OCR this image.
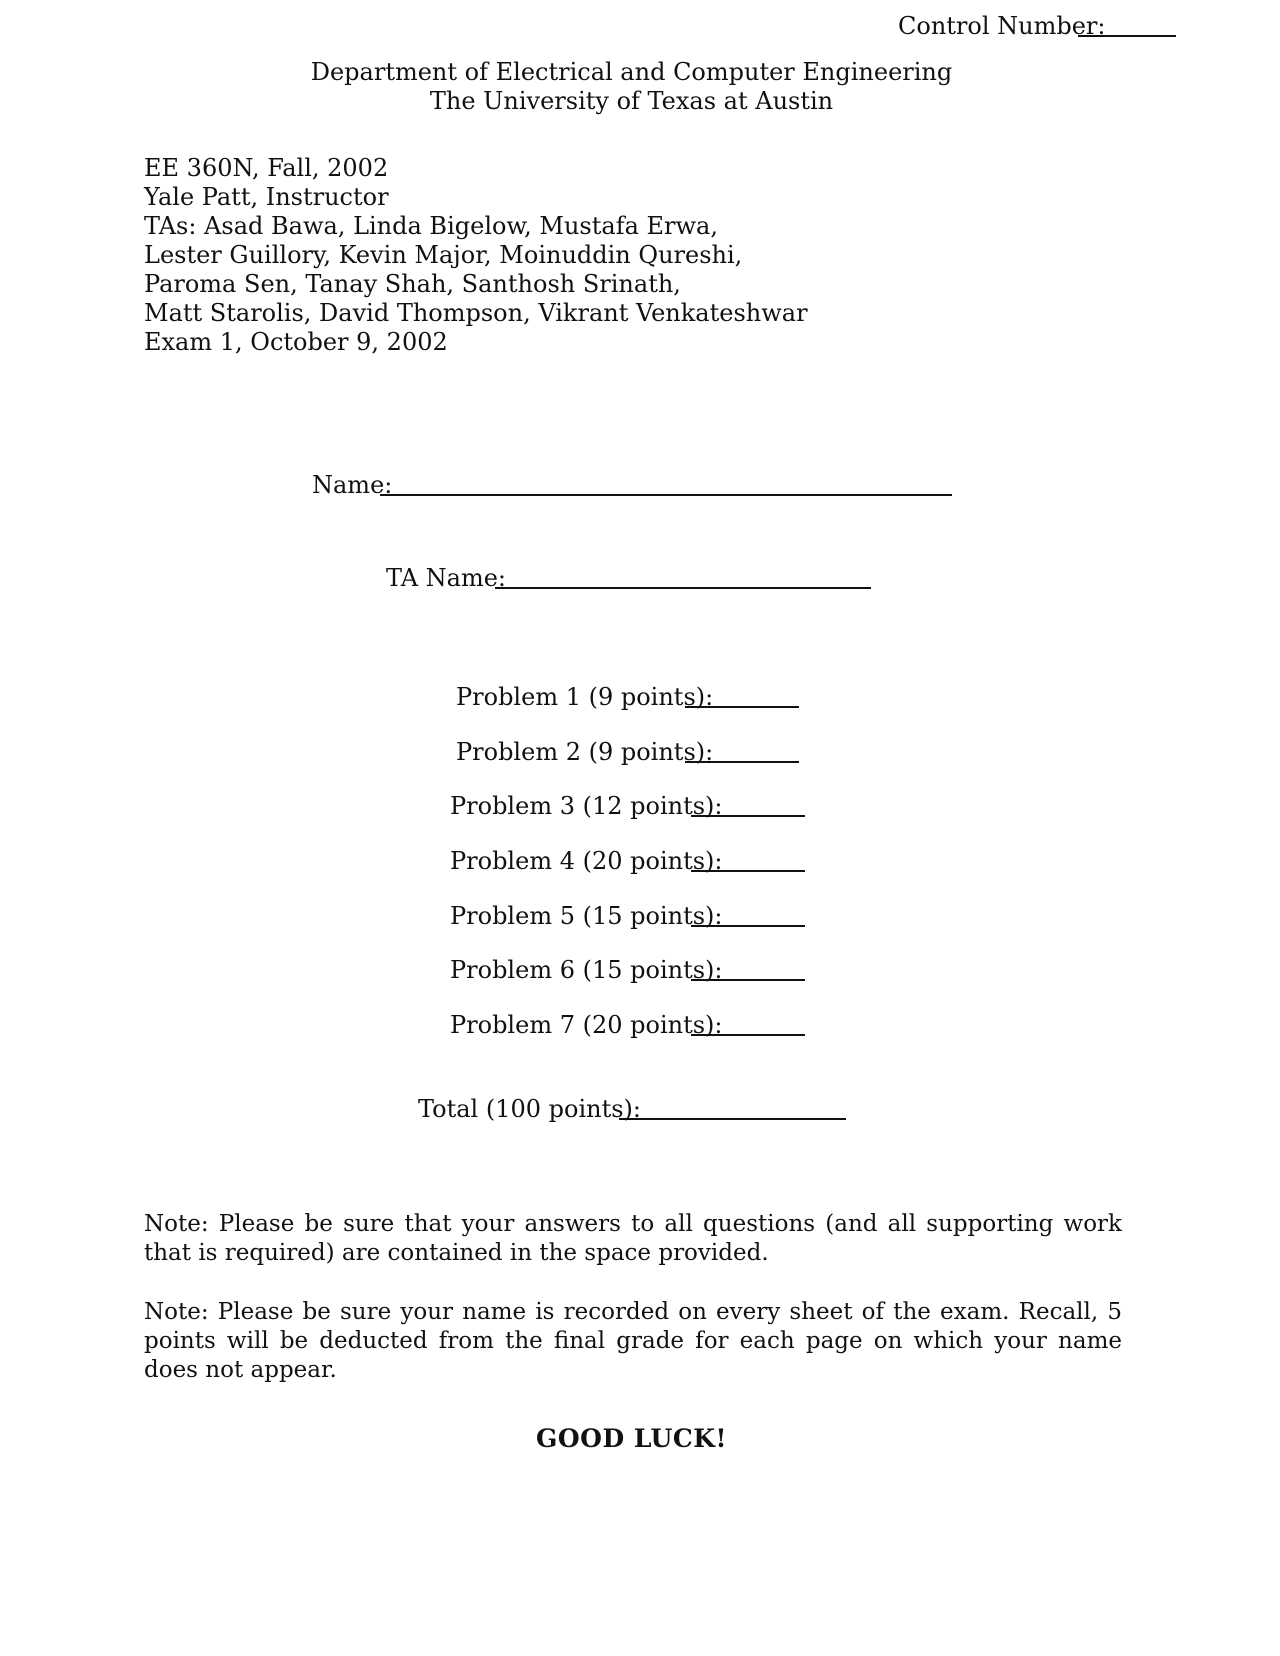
Control Number:
Department of Electrical and Computer Engineering
The University of Texas at Austin
EE 360N, Fall, 2002
Yale Patt, Instructor
TAs: Asad Bawa, Linda Bigelow, Mustafa Erwa,
Lester Guillory, Kevin Major, Moinuddin Qureshi,
Paroma Sen, Tanay Shah, Santhosh Srinath,
Matt Starolis, David Thompson, Vikrant Venkateshwar
Exam 1, October 9, 2002
Name:
TA Name:
Problem 1 (9 points):
Problem 2 (9 points):
Problem 3 (12 points):
Problem 4 (20 points):
Problem 5 (15 points):
Problem 6 (15 points):
Problem 7 (20 points):
Total (100 points):
Note: Please be sure that your answers to all questions (and all supporting work that is required) are contained in the space provided.
Note: Please be sure your name is recorded on every sheet of the exam. Recall, 5 points will be deducted from the final grade for each page on which your name does not appear.
GOOD LUCK!
